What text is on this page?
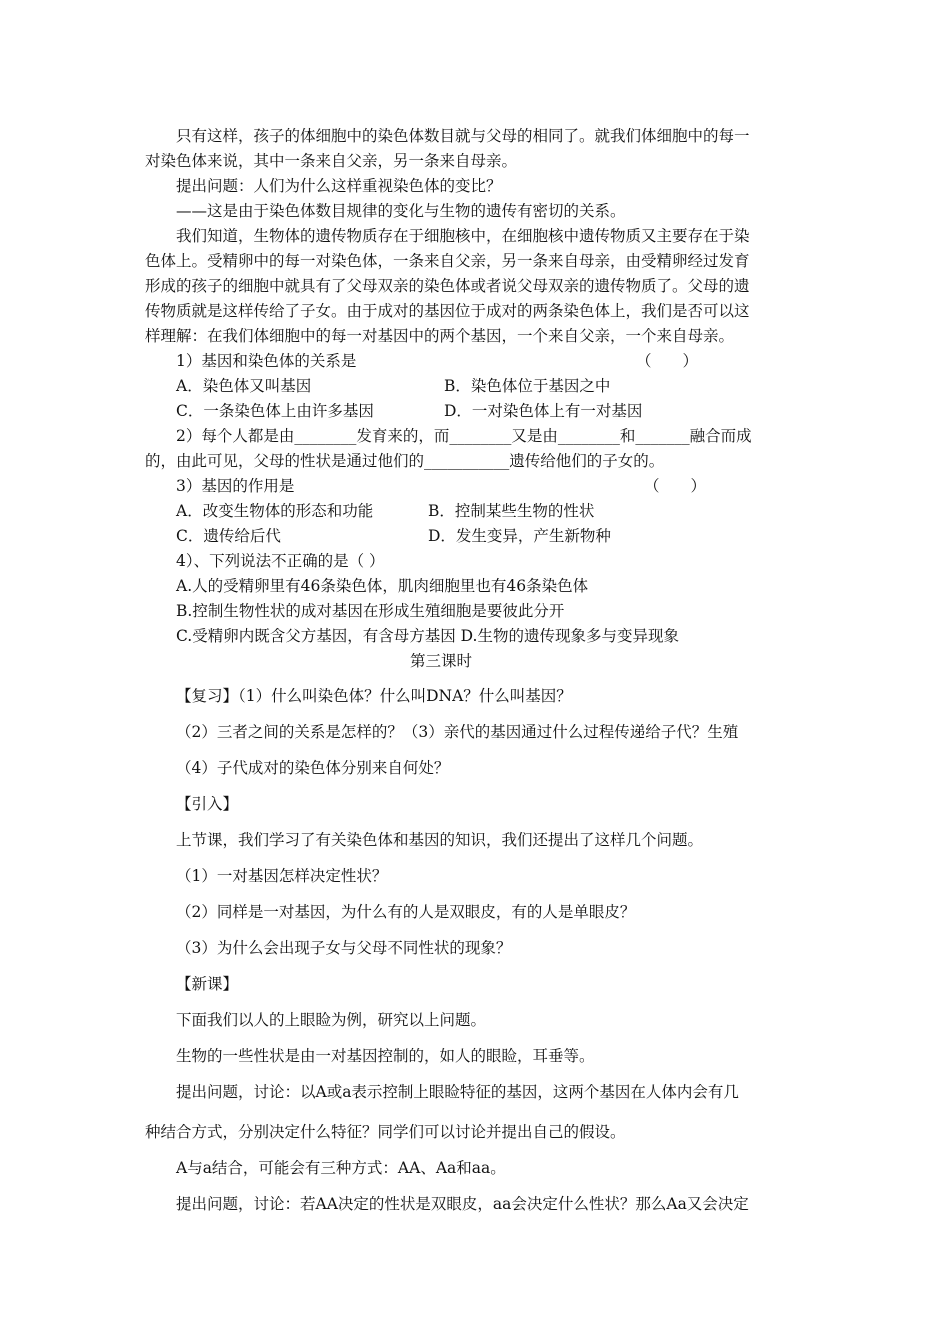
只有这样，孩子的体细胞中的染色体数目就与父母的相同了。就我们体细胞中的每一
对染色体来说，其中一条来自父亲，另一条来自母亲。
提出问题：人们为什么这样重视染色体的变比？
——这是由于染色体数目规律的变化与生物的遗传有密切的关系。
我们知道，生物体的遗传物质存在于细胞核中，在细胞核中遗传物质又主要存在于染
色体上。受精卵中的每一对染色体，一条来自父亲，另一条来自母亲，由受精卵经过发育
形成的孩子的细胞中就具有了父母双亲的染色体或者说父母双亲的遗传物质了。父母的遗
传物质就是这样传给了子女。由于成对的基因位于成对的两条染色体上，我们是否可以这
样理解：在我们体细胞中的每一对基因中的两个基因，一个来自父亲，一个来自母亲。
1）基因和染色体的关系是	（　　）
A．染色体又叫基因	B．染色体位于基因之中
C．一条染色体上由许多基因	D．一对染色体上有一对基因
2）每个人都是由________发育来的，而________又是由________和_______融合而成
的，由此可见，父母的性状是通过他们的___________遗传给他们的子女的。
3）基因的作用是	（　　）
A．改变生物体的形态和功能	B．控制某些生物的性状
C．遗传给后代	D．发生变异，产生新物种
4）、下列说法不正确的是（ ）
A.人的受精卵里有46条染色体，肌肉细胞里也有46条染色体
B.控制生物性状的成对基因在形成生殖细胞是要彼此分开
C.受精卵内既含父方基因，有含母方基因 D.生物的遗传现象多与变异现象
第三课时
【复习】（1）什么叫染色体？什么叫DNA？什么叫基因？
（2）三者之间的关系是怎样的？（3）亲代的基因通过什么过程传递给子代？生殖
（4）子代成对的染色体分别来自何处？
【引入】
上节课，我们学习了有关染色体和基因的知识，我们还提出了这样几个问题。
（1）一对基因怎样决定性状？
（2）同样是一对基因，为什么有的人是双眼皮，有的人是单眼皮？
（3）为什么会出现子女与父母不同性状的现象？
【新课】
下面我们以人的上眼睑为例，研究以上问题。
生物的一些性状是由一对基因控制的，如人的眼睑，耳垂等。
提出问题，讨论：以A或a表示控制上眼睑特征的基因，这两个基因在人体内会有几
种结合方式，分别决定什么特征？同学们可以讨论并提出自己的假设。
A与a结合，可能会有三种方式：AA、Aa和aa。
提出问题，讨论：若AA决定的性状是双眼皮，aa会决定什么性状？那么Aa又会决定
